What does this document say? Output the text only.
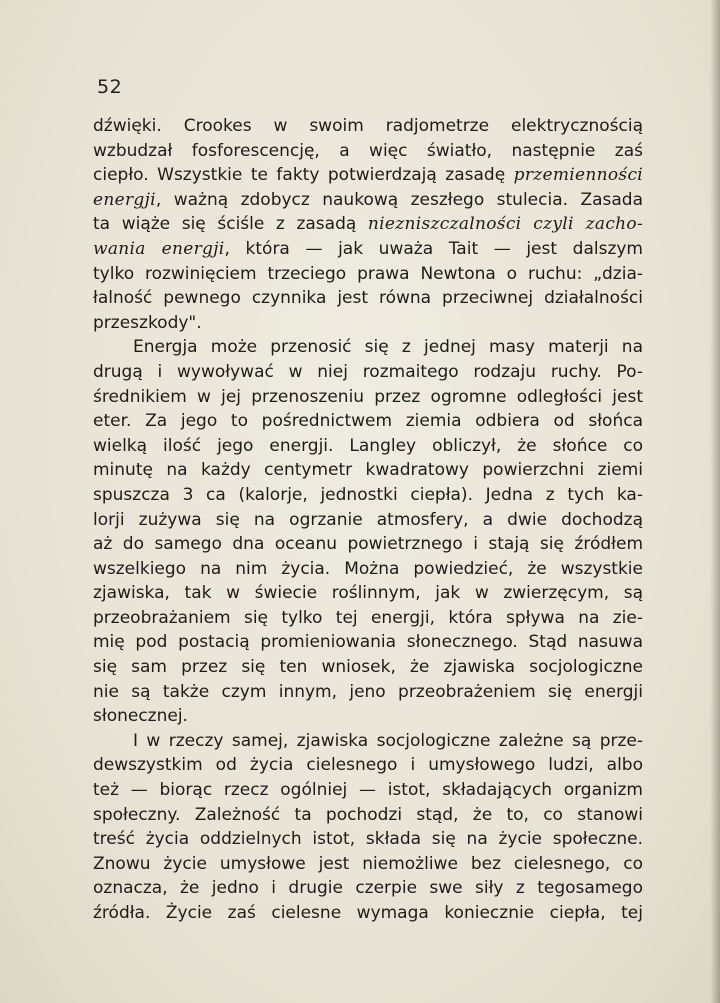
52
dźwięki. Crookes w swoim radjometrze elektrycznością
wzbudzał fosforescencję, a więc światło, następnie zaś
ciepło. Wszystkie te fakty potwierdzają zasadę przemienności
energji, ważną zdobycz naukową zeszłego stulecia. Zasada
ta wiąże się ściśle z zasadą niezniszczalności czyli zacho-
wania energji, która — jak uważa Tait — jest dalszym
tylko rozwinięciem trzeciego prawa Newtona o ruchu: „dzia-
łalność pewnego czynnika jest równa przeciwnej działalności
przeszkody".
Energja może przenosić się z jednej masy materji na
drugą i wywoływać w niej rozmaitego rodzaju ruchy. Po-
średnikiem w jej przenoszeniu przez ogromne odległości jest
eter. Za jego to pośrednictwem ziemia odbiera od słońca
wielką ilość jego energji. Langley obliczył, że słońce co
minutę na każdy centymetr kwadratowy powierzchni ziemi
spuszcza 3 ca (kalorje, jednostki ciepła). Jedna z tych ka-
lorji zużywa się na ogrzanie atmosfery, a dwie dochodzą
aż do samego dna oceanu powietrznego i stają się źródłem
wszelkiego na nim życia. Można powiedzieć, że wszystkie
zjawiska, tak w świecie roślinnym, jak w zwierzęcym, są
przeobrażaniem się tylko tej energji, która spływa na zie-
mię pod postacią promieniowania słonecznego. Stąd nasuwa
się sam przez się ten wniosek, że zjawiska socjologiczne
nie są także czym innym, jeno przeobrażeniem się energji
słonecznej.
I w rzeczy samej, zjawiska socjologiczne zależne są prze-
dewszystkim od życia cielesnego i umysłowego ludzi, albo
też — biorąc rzecz ogólniej — istot, składających organizm
społeczny. Zależność ta pochodzi stąd, że to, co stanowi
treść życia oddzielnych istot, składa się na życie społeczne.
Znowu życie umysłowe jest niemożliwe bez cielesnego, co
oznacza, że jedno i drugie czerpie swe siły z tegosamego
źródła. Życie zaś cielesne wymaga koniecznie ciepła, tej
